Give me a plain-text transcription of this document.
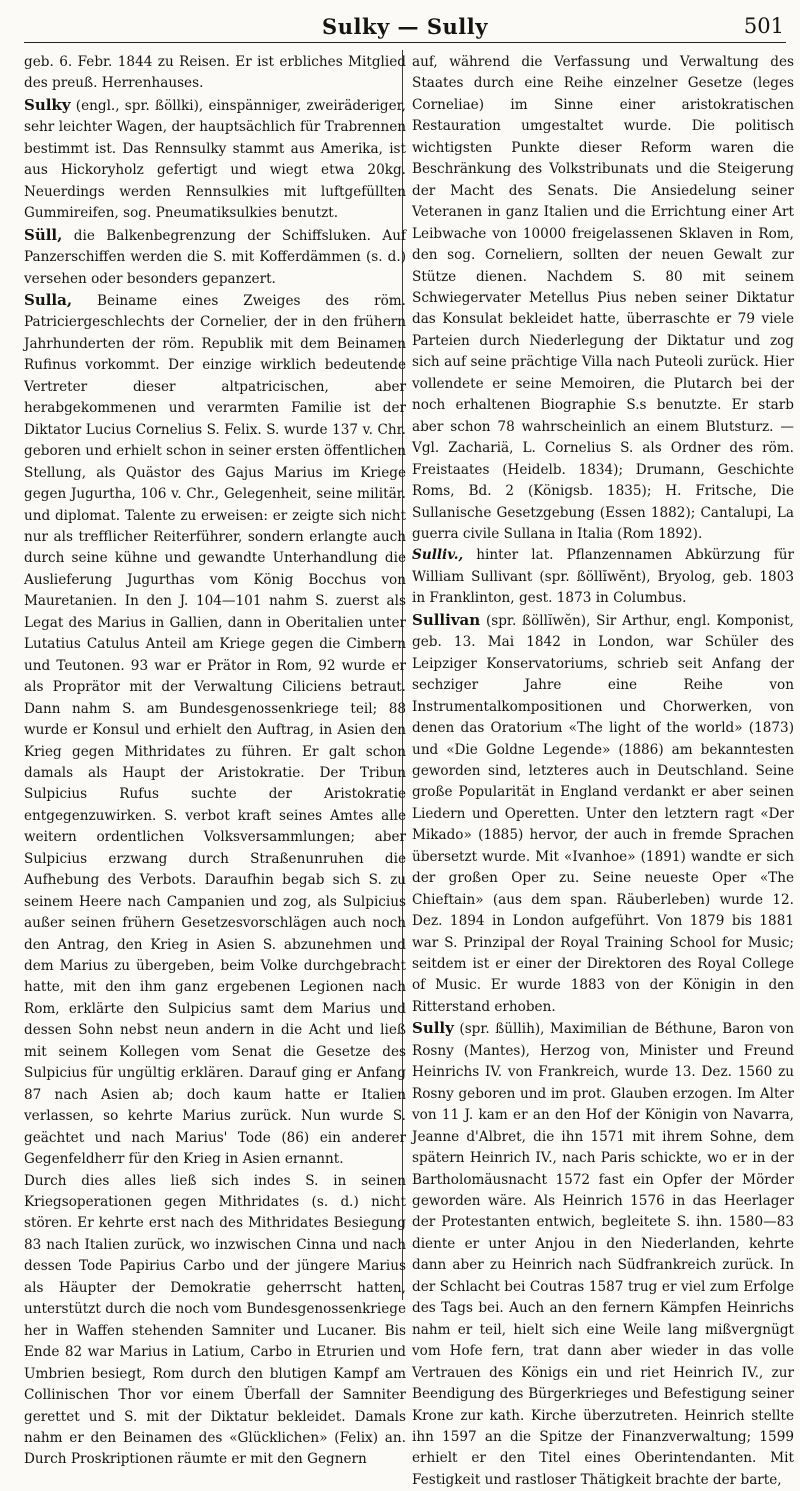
Sulky — Sully	501

geb. 6. Febr. 1844 zu Reisen. Er ist erbliches Mitglied des preuß. Herrenhauses.

Sulky (engl., spr. ßöllki), einspänniger, zweiräderiger, sehr leichter Wagen, der hauptsächlich für Trabrennen bestimmt ist. Das Rennsulky stammt aus Amerika, ist aus Hickoryholz gefertigt und wiegt etwa 20kg. Neuerdings werden Rennsulkies mit luftgefüllten Gummireifen, sog. Pneumatiksulkies benutzt.

Süll, die Balkenbegrenzung der Schiffsluken. Auf Panzerschiffen werden die S. mit Kofferdämmen (s. d.) versehen oder besonders gepanzert.

Sulla, Beiname eines Zweiges des röm. Patriciergeschlechts der Cornelier, der in den frühern Jahrhunderten der röm. Republik mit dem Beinamen Rufinus vorkommt. Der einzige wirklich bedeutende Vertreter dieser altpatricischen, aber herabgekommenen und verarmten Familie ist der Diktator Lucius Cornelius S. Felix. S. wurde 137 v. Chr. geboren und erhielt schon in seiner ersten öffentlichen Stellung, als Quästor des Gajus Marius im Kriege gegen Jugurtha, 106 v. Chr., Gelegenheit, seine militär. und diplomat. Talente zu erweisen: er zeigte sich nicht nur als trefflicher Reiterführer, sondern erlangte auch durch seine kühne und gewandte Unterhandlung die Auslieferung Jugurthas vom König Bocchus von Mauretanien. In den J. 104—101 nahm S. zuerst als Legat des Marius in Gallien, dann in Oberitalien unter Lutatius Catulus Anteil am Kriege gegen die Cimbern und Teutonen. 93 war er Prätor in Rom, 92 wurde er als Proprätor mit der Verwaltung Ciliciens betraut. Dann nahm S. am Bundesgenossenkriege teil; 88 wurde er Konsul und erhielt den Auftrag, in Asien den Krieg gegen Mithridates zu führen. Er galt schon damals als Haupt der Aristokratie. Der Tribun Sulpicius Rufus suchte der Aristokratie entgegenzuwirken. S. verbot kraft seines Amtes alle weitern ordentlichen Volksversammlungen; aber Sulpicius erzwang durch Straßenunruhen die Aufhebung des Verbots. Daraufhin begab sich S. zu seinem Heere nach Campanien und zog, als Sulpicius außer seinen frühern Gesetzesvorschlägen auch noch den Antrag, den Krieg in Asien S. abzunehmen und dem Marius zu übergeben, beim Volke durchgebracht hatte, mit den ihm ganz ergebenen Legionen nach Rom, erklärte den Sulpicius samt dem Marius und dessen Sohn nebst neun andern in die Acht und ließ mit seinem Kollegen vom Senat die Gesetze des Sulpicius für ungültig erklären. Darauf ging er Anfang 87 nach Asien ab; doch kaum hatte er Italien verlassen, so kehrte Marius zurück. Nun wurde S. geächtet und nach Marius' Tode (86) ein anderer Gegenfeldherr für den Krieg in Asien ernannt.

Durch dies alles ließ sich indes S. in seinen Kriegsoperationen gegen Mithridates (s. d.) nicht stören. Er kehrte erst nach des Mithridates Besiegung 83 nach Italien zurück, wo inzwischen Cinna und nach dessen Tode Papirius Carbo und der jüngere Marius als Häupter der Demokratie geherrscht hatten, unterstützt durch die noch vom Bundesgenossenkriege her in Waffen stehenden Samniter und Lucaner. Bis Ende 82 war Marius in Latium, Carbo in Etrurien und Umbrien besiegt, Rom durch den blutigen Kampf am Collinischen Thor vor einem Überfall der Samniter gerettet und S. mit der Diktatur bekleidet. Damals nahm er den Beinamen des «Glücklichen» (Felix) an. Durch Proskriptionen räumte er mit den Gegnern

auf, während die Verfassung und Verwaltung des Staates durch eine Reihe einzelner Gesetze (leges Corneliae) im Sinne einer aristokratischen Restauration umgestaltet wurde. Die politisch wichtigsten Punkte dieser Reform waren die Beschränkung des Volkstribunats und die Steigerung der Macht des Senats. Die Ansiedelung seiner Veteranen in ganz Italien und die Errichtung einer Art Leibwache von 10000 freigelassenen Sklaven in Rom, den sog. Corneliern, sollten der neuen Gewalt zur Stütze dienen. Nachdem S. 80 mit seinem Schwiegervater Metellus Pius neben seiner Diktatur das Konsulat bekleidet hatte, überraschte er 79 viele Parteien durch Niederlegung der Diktatur und zog sich auf seine prächtige Villa nach Puteoli zurück. Hier vollendete er seine Memoiren, die Plutarch bei der noch erhaltenen Biographie S.s benutzte. Er starb aber schon 78 wahrscheinlich an einem Blutsturz. — Vgl. Zachariä, L. Cornelius S. als Ordner des röm. Freistaates (Heidelb. 1834); Drumann, Geschichte Roms, Bd. 2 (Königsb. 1835); H. Fritsche, Die Sullanische Gesetzgebung (Essen 1882); Cantalupi, La guerra civile Sullana in Italia (Rom 1892).

Sulliv., hinter lat. Pflanzennamen Abkürzung für William Sullivant (spr. ßöllĭwĕnt), Bryolog, geb. 1803 in Franklinton, gest. 1873 in Columbus.

Sullivan (spr. ßöllĭwĕn), Sir Arthur, engl. Komponist, geb. 13. Mai 1842 in London, war Schüler des Leipziger Konservatoriums, schrieb seit Anfang der sechziger Jahre eine Reihe von Instrumentalkompositionen und Chorwerken, von denen das Oratorium «The light of the world» (1873) und «Die Goldne Legende» (1886) am bekanntesten geworden sind, letzteres auch in Deutschland. Seine große Popularität in England verdankt er aber seinen Liedern und Operetten. Unter den letztern ragt «Der Mikado» (1885) hervor, der auch in fremde Sprachen übersetzt wurde. Mit «Ivanhoe» (1891) wandte er sich der großen Oper zu. Seine neueste Oper «The Chieftain» (aus dem span. Räuberleben) wurde 12. Dez. 1894 in London aufgeführt. Von 1879 bis 1881 war S. Prinzipal der Royal Training School for Music; seitdem ist er einer der Direktoren des Royal College of Music. Er wurde 1883 von der Königin in den Ritterstand erhoben.

Sully (spr. ßüllih), Maximilian de Béthune, Baron von Rosny (Mantes), Herzog von, Minister und Freund Heinrichs IV. von Frankreich, wurde 13. Dez. 1560 zu Rosny geboren und im prot. Glauben erzogen. Im Alter von 11 J. kam er an den Hof der Königin von Navarra, Jeanne d'Albret, die ihn 1571 mit ihrem Sohne, dem spätern Heinrich IV., nach Paris schickte, wo er in der Bartholomäusnacht 1572 fast ein Opfer der Mörder geworden wäre. Als Heinrich 1576 in das Heerlager der Protestanten entwich, begleitete S. ihn. 1580—83 diente er unter Anjou in den Niederlanden, kehrte dann aber zu Heinrich nach Südfrankreich zurück. In der Schlacht bei Coutras 1587 trug er viel zum Erfolge des Tags bei. Auch an den fernern Kämpfen Heinrichs nahm er teil, hielt sich eine Weile lang mißvergnügt vom Hofe fern, trat dann aber wieder in das volle Vertrauen des Königs ein und riet Heinrich IV., zur Beendigung des Bürgerkrieges und Befestigung seiner Krone zur kath. Kirche überzutreten. Heinrich stellte ihn 1597 an die Spitze der Finanzverwaltung; 1599 erhielt er den Titel eines Oberintendanten. Mit Festigkeit und rastloser Thätigkeit brachte der barte,
